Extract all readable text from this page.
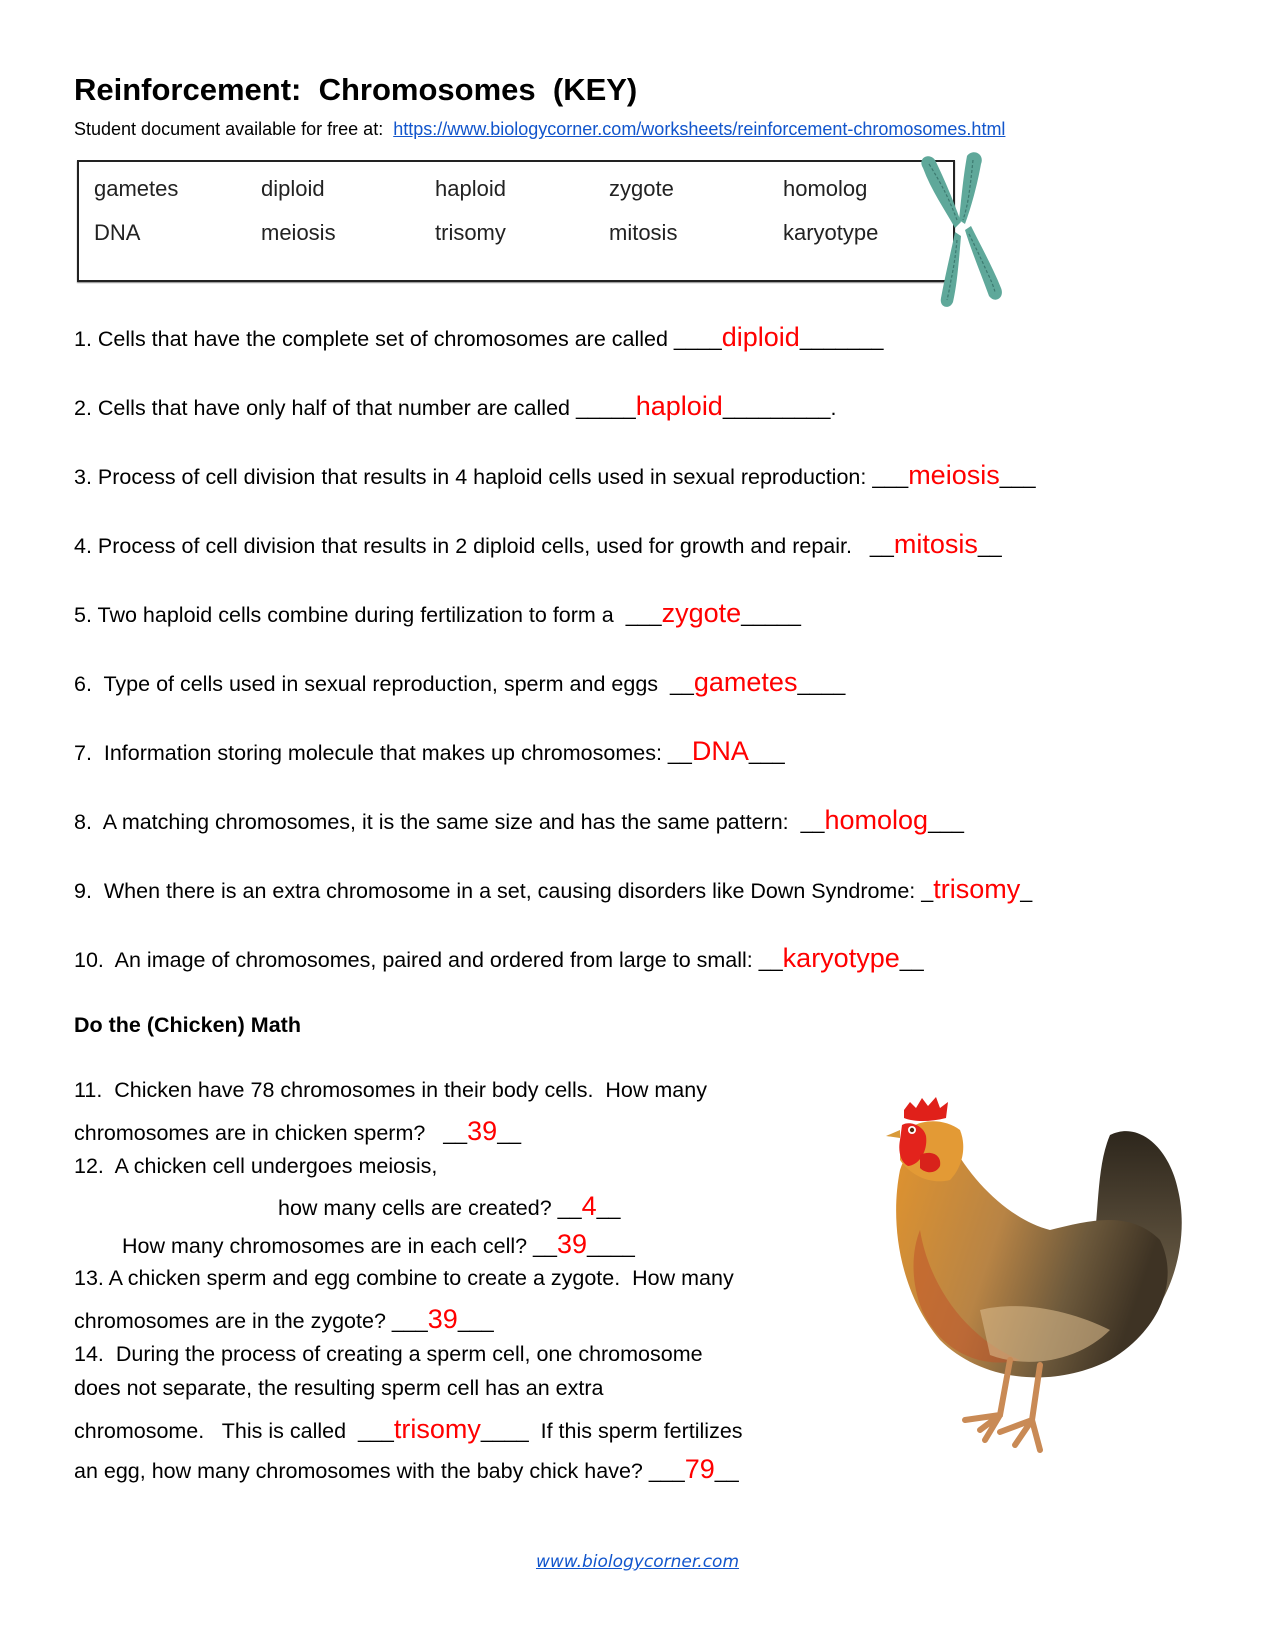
Reinforcement:  Chromosomes  (KEY)
Student document available for free at:  https://www.biologycorner.com/worksheets/reinforcement-chromosomes.html
gametes	diploid	haploid	zygote	homolog
DNA	meiosis	trisomy	mitosis	karyotype
1. Cells that have the complete set of chromosomes are called ____diploid_______
2. Cells that have only half of that number are called _____haploid_________.
3. Process of cell division that results in 4 haploid cells used in sexual reproduction: ___meiosis___
4. Process of cell division that results in 2 diploid cells, used for growth and repair.   __mitosis__
5. Two haploid cells combine during fertilization to form a  ___zygote_____
6.  Type of cells used in sexual reproduction, sperm and eggs  __gametes____
7.  Information storing molecule that makes up chromosomes: __DNA___
8.  A matching chromosomes, it is the same size and has the same pattern:  __homolog___
9.  When there is an extra chromosome in a set, causing disorders like Down Syndrome: _trisomy_
10.  An image of chromosomes, paired and ordered from large to small: __karyotype__
Do the (Chicken) Math
11.  Chicken have 78 chromosomes in their body cells.  How many
chromosomes are in chicken sperm?   __39__
12.  A chicken cell undergoes meiosis,
how many cells are created? __4__
How many chromosomes are in each cell? __39____
13. A chicken sperm and egg combine to create a zygote.  How many
chromosomes are in the zygote? ___39___
14.  During the process of creating a sperm cell, one chromosome
does not separate, the resulting sperm cell has an extra
chromosome.   This is called  ___trisomy____  If this sperm fertilizes
an egg, how many chromosomes with the baby chick have? ___79__
www.biologycorner.com
